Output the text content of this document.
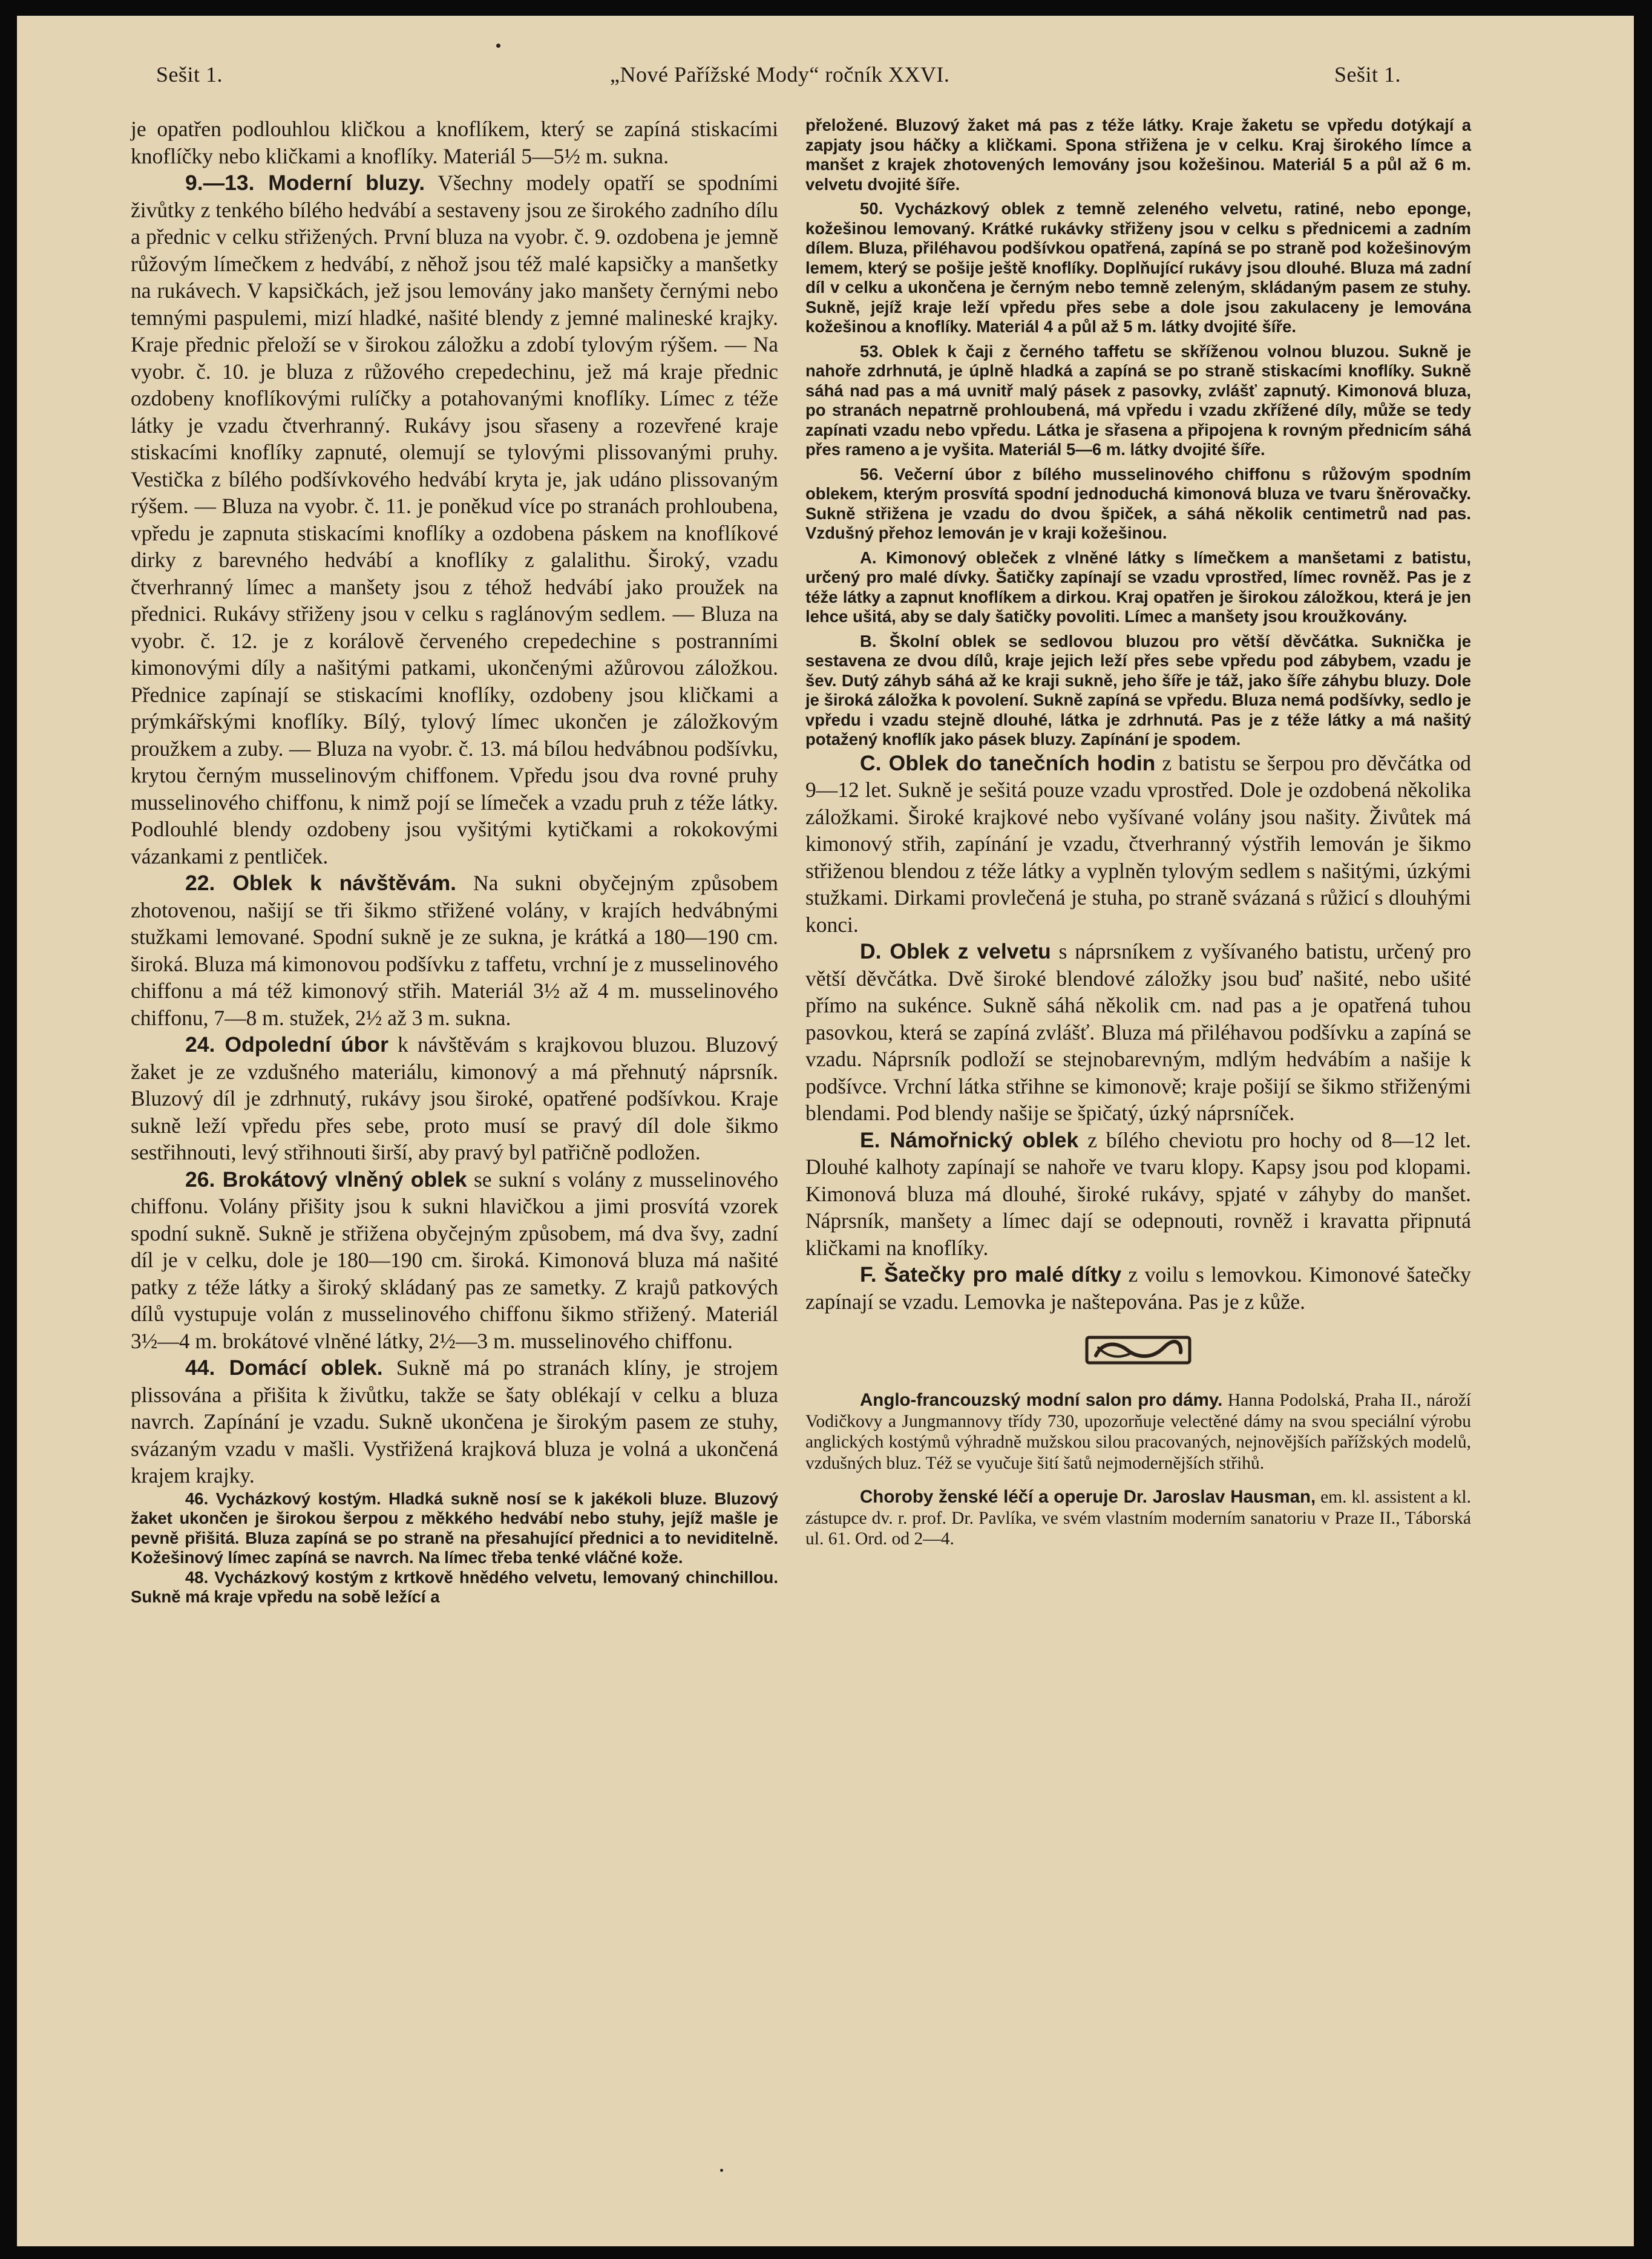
Sešit 1.	„Nové Pařížské Mody“ ročník XXVI.	Sešit 1.

je opatřen podlouhlou kličkou a knoflíkem, který se zapíná stiskacími knoflíčky nebo kličkami a knoflíky. Materiál 5—5½ m. sukna.

9.—13. Moderní bluzy. Všechny modely opatří se spodními živůtky z tenkého bílého hedvábí a sestaveny jsou ze širokého zadního dílu a přednic v celku střižených. První bluza na vyobr. č. 9. ozdobena je jemně růžovým límečkem z hedvábí, z něhož jsou též malé kapsičky a manšetky na rukávech. V kapsičkách, jež jsou lemovány jako manšety černými nebo temnými paspulemi, mizí hladké, našité blendy z jemné malineské krajky. Kraje přednic přeloží se v širokou záložku a zdobí tylovým rýšem. — Na vyobr. č. 10. je bluza z růžového crepedechinu, jež má kraje přednic ozdobeny knoflíkovými rulíčky a potahovanými knoflíky. Límec z téže látky je vzadu čtverhranný. Rukávy jsou sřaseny a rozevřené kraje stiskacími knoflíky zapnuté, olemují se tylovými plissovanými pruhy. Vestička z bílého podšívkového hedvábí kryta je, jak udáno plissovaným rýšem. — Bluza na vyobr. č. 11. je poněkud více po stranách prohloubena, vpředu je zapnuta stiskacími knoflíky a ozdobena páskem na knoflíkové dirky z barevného hedvábí a knoflíky z galalithu. Široký, vzadu čtverhranný límec a manšety jsou z téhož hedvábí jako proužek na přednici. Rukávy střiženy jsou v celku s raglánovým sedlem. — Bluza na vyobr. č. 12. je z korálově červeného crepedechine s postranními kimonovými díly a našitými patkami, ukončenými ažůrovou záložkou. Přednice zapínají se stiskacími knoflíky, ozdobeny jsou kličkami a prýmkářskými knoflíky. Bílý, tylový límec ukončen je záložkovým proužkem a zuby. — Bluza na vyobr. č. 13. má bílou hedvábnou podšívku, krytou černým musselinovým chiffonem. Vpředu jsou dva rovné pruhy musselinového chiffonu, k nimž pojí se límeček a vzadu pruh z téže látky. Podlouhlé blendy ozdobeny jsou vyšitými kytičkami a rokokovými vázankami z pentliček.

22. Oblek k návštěvám. Na sukni obyčejným způsobem zhotovenou, našijí se tři šikmo střižené volány, v krajích hedvábnými stužkami lemované. Spodní sukně je ze sukna, je krátká a 180—190 cm. široká. Bluza má kimonovou podšívku z taffetu, vrchní je z musselinového chiffonu a má též kimonový střih. Materiál 3½ až 4 m. musselinového chiffonu, 7—8 m. stužek, 2½ až 3 m. sukna.

24. Odpolední úbor k návštěvám s krajkovou bluzou. Bluzový žaket je ze vzdušného materiálu, kimonový a má přehnutý náprsník. Bluzový díl je zdrhnutý, rukávy jsou široké, opatřené podšívkou. Kraje sukně leží vpředu přes sebe, proto musí se pravý díl dole šikmo sestřihnouti, levý střihnouti širší, aby pravý byl patřičně podložen.

26. Brokátový vlněný oblek se sukní s volány z musselinového chiffonu. Volány přišity jsou k sukni hlavičkou a jimi prosvítá vzorek spodní sukně. Sukně je střižena obyčejným způsobem, má dva švy, zadní díl je v celku, dole je 180—190 cm. široká. Kimonová bluza má našité patky z téže látky a široký skládaný pas ze sametky. Z krajů patkových dílů vystupuje volán z musselinového chiffonu šikmo střižený. Materiál 3½—4 m. brokátové vlněné látky, 2½—3 m. musselinového chiffonu.

44. Domácí oblek. Sukně má po stranách klíny, je strojem plissována a přišita k živůtku, takže se šaty oblékají v celku a bluza navrch. Zapínání je vzadu. Sukně ukončena je širokým pasem ze stuhy, svázaným vzadu v mašli. Vystřižená krajková bluza je volná a ukončená krajem krajky.

46. Vycházkový kostým. Hladká sukně nosí se k jakékoli bluze. Bluzový žaket ukončen je širokou šerpou z měkkého hedvábí nebo stuhy, jejíž mašle je pevně přišitá. Bluza zapíná se po straně na přesahující přednici a to neviditelně. Kožešinový límec zapíná se navrch. Na límec třeba tenké vláčné kože.

48. Vycházkový kostým z krtkově hnědého velvetu, lemovaný chinchillou. Sukně má kraje vpředu na sobě ležící a

přeložené. Bluzový žaket má pas z téže látky. Kraje žaketu se vpředu dotýkají a zapjaty jsou háčky a kličkami. Spona střižena je v celku. Kraj širokého límce a manšet z krajek zhotovených lemovány jsou kožešinou. Materiál 5 a půl až 6 m. velvetu dvojité šíře.

50. Vycházkový oblek z temně zeleného velvetu, ratiné, nebo eponge, kožešinou lemovaný. Krátké rukávky střiženy jsou v celku s přednicemi a zadním dílem. Bluza, přiléhavou podšívkou opatřená, zapíná se po straně pod kožešinovým lemem, který se pošije ještě knoflíky. Doplňující rukávy jsou dlouhé. Bluza má zadní díl v celku a ukončena je černým nebo temně zeleným, skládaným pasem ze stuhy. Sukně, jejíž kraje leží vpředu přes sebe a dole jsou zakulaceny je lemována kožešinou a knoflíky. Materiál 4 a půl až 5 m. látky dvojité šíře.

53. Oblek k čaji z černého taffetu se skříženou volnou bluzou. Sukně je nahoře zdrhnutá, je úplně hladká a zapíná se po straně stiskacími knoflíky. Sukně sáhá nad pas a má uvnitř malý pásek z pasovky, zvlášť zapnutý. Kimonová bluza, po stranách nepatrně prohloubená, má vpředu i vzadu zkřížené díly, může se tedy zapínati vzadu nebo vpředu. Látka je sřasena a připojena k rovným přednicím sáhá přes rameno a je vyšita. Materiál 5—6 m. látky dvojité šíře.

56. Večerní úbor z bílého musselinového chiffonu s růžovým spodním oblekem, kterým prosvítá spodní jednoduchá kimonová bluza ve tvaru šněrovačky. Sukně střižena je vzadu do dvou špiček, a sáhá několik centimetrů nad pas. Vzdušný přehoz lemován je v kraji kožešinou.

A. Kimonový obleček z vlněné látky s límečkem a manšetami z batistu, určený pro malé dívky. Šatičky zapínají se vzadu vprostřed, límec rovněž. Pas je z téže látky a zapnut knoflíkem a dirkou. Kraj opatřen je širokou záložkou, která je jen lehce ušitá, aby se daly šatičky povoliti. Límec a manšety jsou kroužkovány.

B. Školní oblek se sedlovou bluzou pro větší děvčátka. Suknička je sestavena ze dvou dílů, kraje jejich leží přes sebe vpředu pod zábybem, vzadu je šev. Dutý záhyb sáhá až ke kraji sukně, jeho šíře je táž, jako šíře záhybu bluzy. Dole je široká záložka k povolení. Sukně zapíná se vpředu. Bluza nemá podšívky, sedlo je vpředu i vzadu stejně dlouhé, látka je zdrhnutá. Pas je z téže látky a má našitý potažený knoflík jako pásek bluzy. Zapínání je spodem.

C. Oblek do tanečních hodin z batistu se šerpou pro děvčátka od 9—12 let. Sukně je sešitá pouze vzadu vprostřed. Dole je ozdobená několika záložkami. Široké krajkové nebo vyšívané volány jsou našity. Živůtek má kimonový střih, zapínání je vzadu, čtverhranný výstřih lemován je šikmo střiženou blendou z téže látky a vyplněn tylovým sedlem s našitými, úzkými stužkami. Dirkami provlečená je stuha, po straně svázaná s růžicí s dlouhými konci.

D. Oblek z velvetu s náprsníkem z vyšívaného batistu, určený pro větší děvčátka. Dvě široké blendové záložky jsou buď našité, nebo ušité přímo na sukénce. Sukně sáhá několik cm. nad pas a je opatřená tuhou pasovkou, která se zapíná zvlášť. Bluza má přiléhavou podšívku a zapíná se vzadu. Náprsník podloží se stejnobarevným, mdlým hedvábím a našije k podšívce. Vrchní látka střihne se kimonově; kraje pošijí se šikmo střiženými blendami. Pod blendy našije se špičatý, úzký náprsníček.

E. Námořnický oblek z bílého cheviotu pro hochy od 8—12 let. Dlouhé kalhoty zapínají se nahoře ve tvaru klopy. Kapsy jsou pod klopami. Kimonová bluza má dlouhé, široké rukávy, spjaté v záhyby do manšet. Náprsník, manšety a límec dají se odepnouti, rovněž i kravatta připnutá kličkami na knoflíky.

F. Šatečky pro malé dítky z voilu s lemovkou. Kimonové šatečky zapínají se vzadu. Lemovka je naštepována. Pas je z kůže.

Anglo-francouzský modní salon pro dámy. Hanna Podolská, Praha II., nároží Vodičkovy a Jungmannovy třídy 730, upozorňuje velectěné dámy na svou speciální výrobu anglických kostýmů výhradně mužskou silou pracovaných, nejnovějších pařížských modelů, vzdušných bluz. Též se vyučuje šití šatů nejmodernějších střihů.

Choroby ženské léčí a operuje Dr. Jaroslav Hausman, em. kl. assistent a kl. zástupce dv. r. prof. Dr. Pavlíka, ve svém vlastním moderním sanatoriu v Praze II., Táborská ul. 61. Ord. od 2—4.
